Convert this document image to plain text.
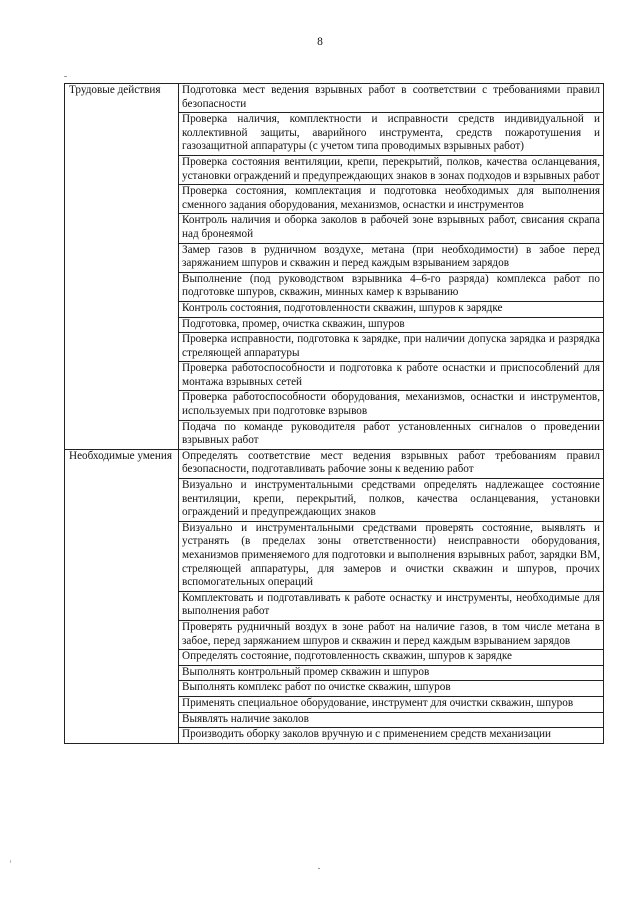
8
Трудовые действия	Подготовка мест ведения взрывных работ в соответствии с требованиями правил безопасности
	Проверка наличия, комплектности и исправности средств индивидуальной и коллективной защиты, аварийного инструмента, средств пожаротушения и газозащитной аппаратуры (с учетом типа проводимых взрывных работ)
	Проверка состояния вентиляции, крепи, перекрытий, полков, качества осланцевания, установки ограждений и предупреждающих знаков в зонах подходов и взрывных работ
	Проверка состояния, комплектация и подготовка необходимых для выполнения сменного задания оборудования, механизмов, оснастки и инструментов
	Контроль наличия и оборка заколов в рабочей зоне взрывных работ, свисания скрапа над бронеямой
	Замер газов в рудничном воздухе, метана (при необходимости) в забое перед заряжанием шпуров и скважин и перед каждым взрыванием зарядов
	Выполнение (под руководством взрывника 4–6-го разряда) комплекса работ по подготовке шпуров, скважин, минных камер к взрыванию
	Контроль состояния, подготовленности скважин, шпуров к зарядке
	Подготовка, промер, очистка скважин, шпуров
	Проверка исправности, подготовка к зарядке, при наличии допуска зарядка и разрядка стреляющей аппаратуры
	Проверка работоспособности и подготовка к работе оснастки и приспособлений для монтажа взрывных сетей
	Проверка работоспособности оборудования, механизмов, оснастки и инструментов, используемых при подготовке взрывов
	Подача по команде руководителя работ установленных сигналов о проведении взрывных работ
Необходимые умения	Определять соответствие мест ведения взрывных работ требованиям правил безопасности, подготавливать рабочие зоны к ведению работ
	Визуально и инструментальными средствами определять надлежащее состояние вентиляции, крепи, перекрытий, полков, качества осланцевания, установки ограждений и предупреждающих знаков
	Визуально и инструментальными средствами проверять состояние, выявлять и устранять (в пределах зоны ответственности) неисправности оборудования, механизмов применяемого для подготовки и выполнения взрывных работ, зарядки ВМ, стреляющей аппаратуры, для замеров и очистки скважин и шпуров, прочих вспомогательных операций
	Комплектовать и подготавливать к работе оснастку и инструменты, необходимые для выполнения работ
	Проверять рудничный воздух в зоне работ на наличие газов, в том числе метана в забое, перед заряжанием шпуров и скважин и перед каждым взрыванием зарядов
	Определять состояние, подготовленность скважин, шпуров к зарядке
	Выполнять контрольный промер скважин и шпуров
	Выполнять комплекс работ по очистке скважин, шпуров
	Применять специальное оборудование, инструмент для очистки скважин, шпуров
	Выявлять наличие заколов
	Производить оборку заколов вручную и с применением средств механизации
